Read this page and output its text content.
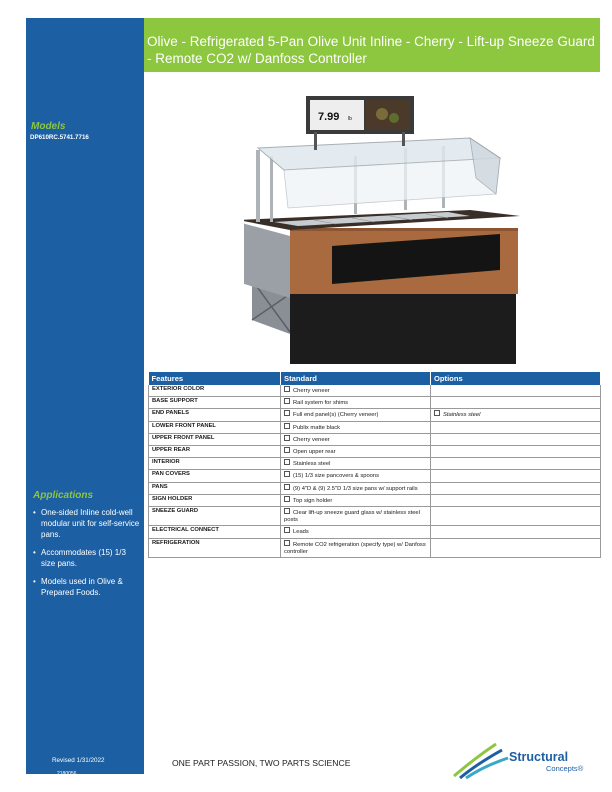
Olive - Refrigerated 5-Pan Olive Unit Inline - Cherry - Lift-up Sneeze Guard - Remote CO2 w/ Danfoss Controller
Models
DP610RC.5741.7716
Applications
• One-sided Inline cold-well modular unit for self-service pans.
• Accommodates (15) 1/3 size pans.
• Models used in Olive & Prepared Foods.
Revised 1/31/2022
2180056
7.99 lb
Features	Standard	Options
EXTERIOR COLOR	Cherry veneer	
BASE SUPPORT	Rail system for shims	
END PANELS	Full end panel(s) (Cherry veneer)	Stainless steel
LOWER FRONT PANEL	Publix matte black	
UPPER FRONT PANEL	Cherry veneer	
UPPER REAR	Open upper rear	
INTERIOR	Stainless steel	
PAN COVERS	(15) 1/3 size pancovers & spoons	
PANS	(9) 4"D & (9) 2.5"D 1/3 size pans w/ support rails	
SIGN HOLDER	Top sign holder	
SNEEZE GUARD	Clear lift-up sneeze guard glass w/ stainless steel posts	
ELECTRICAL CONNECT	Leads	
REFRIGERATION	Remote CO2 refrigeration (specify type) w/ Danfoss controller	
ONE PART PASSION, TWO PARTS SCIENCE	Structural
Concepts®
